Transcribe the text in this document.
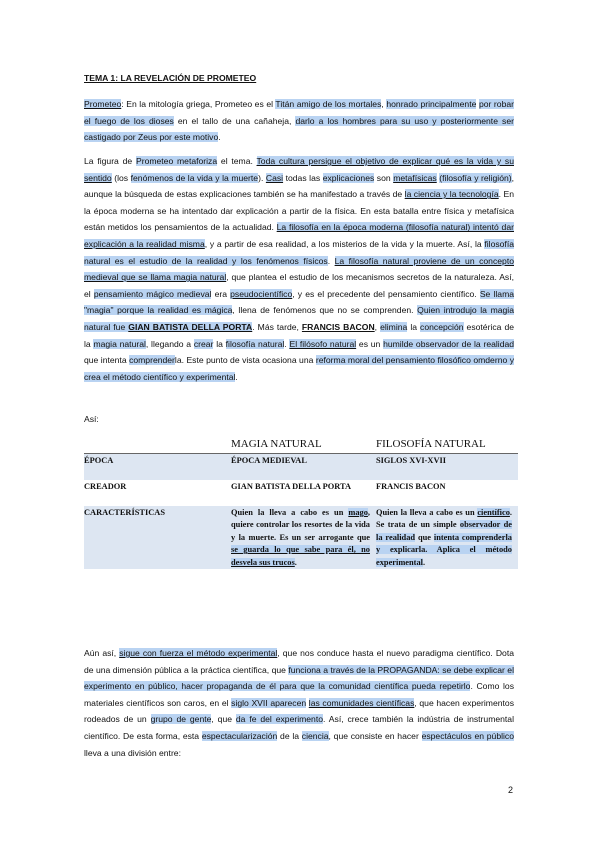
TEMA 1: LA REVELACIÓN DE PROMETEO
Prometeo: En la mitología griega, Prometeo es el Titán amigo de los mortales, honrado principalmente por robar el fuego de los dioses en el tallo de una cañaheja, darlo a los hombres para su uso y posteriormente ser castigado por Zeus por este motivo.
La figura de Prometeo metaforiza el tema. Toda cultura persigue el objetivo de explicar qué es la vida y su sentido (los fenómenos de la vida y la muerte). Casi todas las explicaciones son metafísicas (filosofía y religión), aunque la búsqueda de estas explicaciones también se ha manifestado a través de la ciencia y la tecnología. En la época moderna se ha intentado dar explicación a partir de la física. En esta batalla entre física y metafísica están metidos los pensamientos de la actualidad. La filosofía en la época moderna (filosofía natural) intentó dar explicación a la realidad misma, y a partir de esa realidad, a los misterios de la vida y la muerte. Así, la filosofía natural es el estudio de la realidad y los fenómenos físicos. La filosofía natural proviene de un concepto medieval que se llama magia natural, que plantea el estudio de los mecanismos secretos de la naturaleza. Así, el pensamiento mágico medieval era pseudocientífico, y es el precedente del pensamiento científico. Se llama "magia" porque la realidad es mágica, llena de fenómenos que no se comprenden. Quien introdujo la magia natural fue GIAN BATISTA DELLA PORTA. Más tarde, FRANCIS BACON, elimina la concepción esotérica de la magia natural, llegando a crear la filosofía natural. El filósofo natural es un humilde observador de la realidad que intenta comprenderla. Este punto de vista ocasiona una reforma moral del pensamiento filosófico omderno y crea el método científico y experimental.
Así:
	MAGIA NATURAL	FILOSOFÍA NATURAL
ÉPOCA	ÉPOCA MEDIEVAL	SIGLOS XVI-XVII
CREADOR	GIAN BATISTA DELLA PORTA	FRANCIS BACON
CARACTERÍSTICAS	Quien la lleva a cabo es un mago, quiere controlar los resortes de la vida y la muerte. Es un ser arrogante que se guarda lo que sabe para él, no desvela sus trucos.	Quien la lleva a cabo es un científico. Se trata de un simple observador de la realidad que intenta comprenderla y explicarla. Aplica el método experimental.
Aún así, sigue con fuerza el método experimental, que nos conduce hasta el nuevo paradigma científico. Dota de una dimensión pública a la práctica científica, que funciona a través de la PROPAGANDA: se debe explicar el experimento en público, hacer propaganda de él para que la comunidad científica pueda repetirlo. Como los materiales científicos son caros, en el siglo XVII aparecen las comunidades científicas, que hacen experimentos rodeados de un grupo de gente, que da fe del experimento. Así, crece también la indústria de instrumental científico. De esta forma, esta espectacularización de la ciencia, que consiste en hacer espectáculos en público lleva a una división entre:
2
